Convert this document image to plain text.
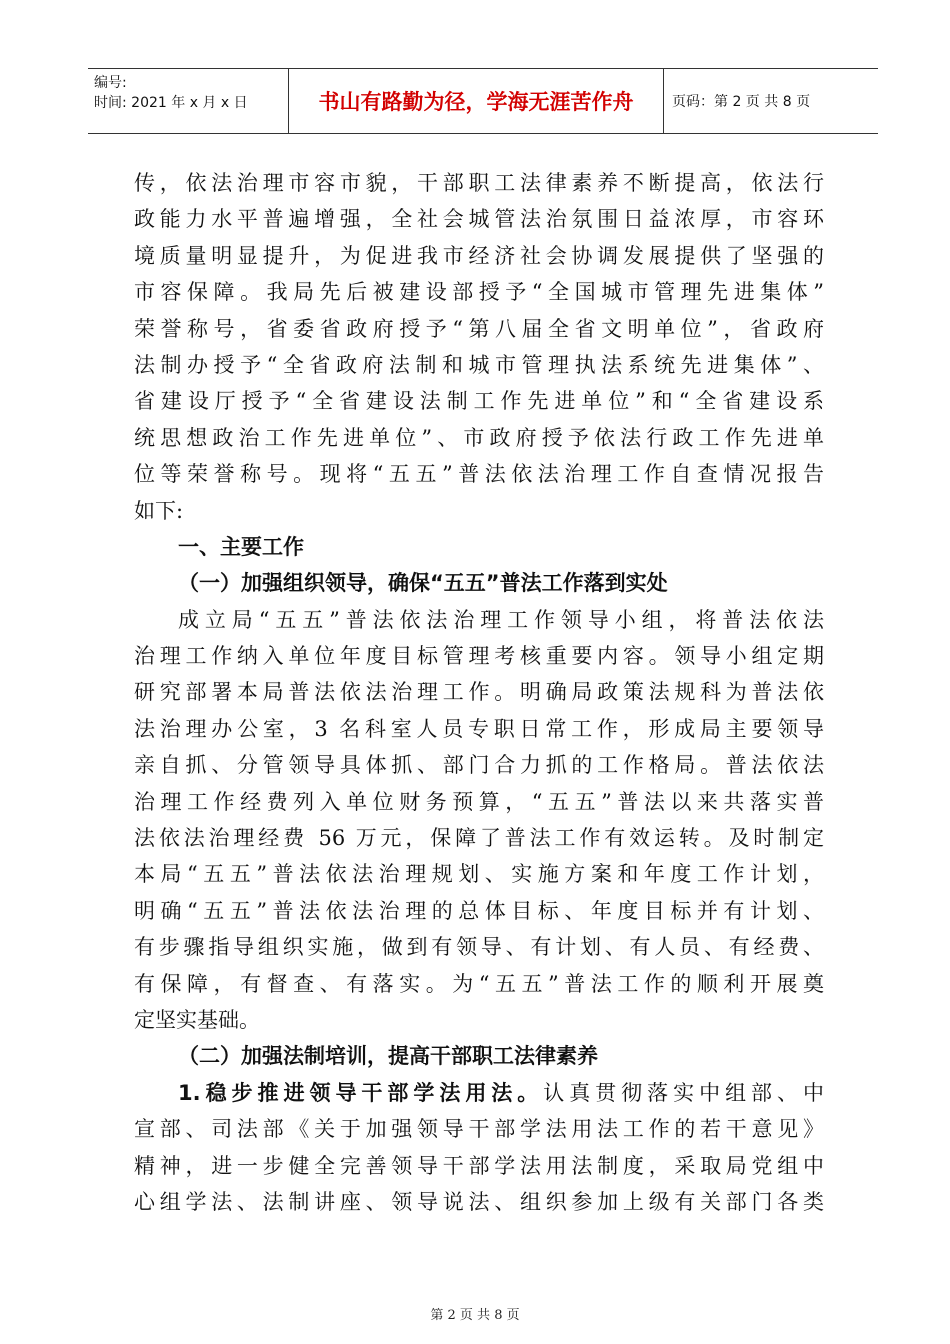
编号:
时间: 2021 年 x 月 x 日	书山有路勤为径，学海无涯苦作舟	页码：第 2 页 共 8 页
传，依法治理市容市貌，干部职工法律素养不断提高，依法行
政能力水平普遍增强，全社会城管法治氛围日益浓厚，市容环
境质量明显提升，为促进我市经济社会协调发展提供了坚强的
市容保障。我局先后被建设部授予“全国城市管理先进集体”
荣誉称号，省委省政府授予“第八届全省文明单位”，省政府
法制办授予“全省政府法制和城市管理执法系统先进集体”、
省建设厅授予“全省建设法制工作先进单位”和“全省建设系
统思想政治工作先进单位”、市政府授予依法行政工作先进单
位等荣誉称号。现将“五五”普法依法治理工作自查情况报告
如下:
一、主要工作
（一）加强组织领导，确保“五五”普法工作落到实处
成立局“五五”普法依法治理工作领导小组，将普法依法
治理工作纳入单位年度目标管理考核重要内容。领导小组定期
研究部署本局普法依法治理工作。明确局政策法规科为普法依
法治理办公室，3 名科室人员专职日常工作，形成局主要领导
亲自抓、分管领导具体抓、部门合力抓的工作格局。普法依法
治理工作经费列入单位财务预算，“五五”普法以来共落实普
法依法治理经费 56 万元，保障了普法工作有效运转。及时制定
本局“五五”普法依法治理规划、实施方案和年度工作计划，
明确“五五”普法依法治理的总体目标、年度目标并有计划、
有步骤指导组织实施，做到有领导、有计划、有人员、有经费、
有保障，有督查、有落实。为“五五”普法工作的顺利开展奠
定坚实基础。
（二）加强法制培训，提高干部职工法律素养
1.稳步推进领导干部学法用法。认真贯彻落实中组部、中
宣部、司法部《关于加强领导干部学法用法工作的若干意见》
精神，进一步健全完善领导干部学法用法制度，采取局党组中
心组学法、法制讲座、领导说法、组织参加上级有关部门各类
第 2 页 共 8 页
